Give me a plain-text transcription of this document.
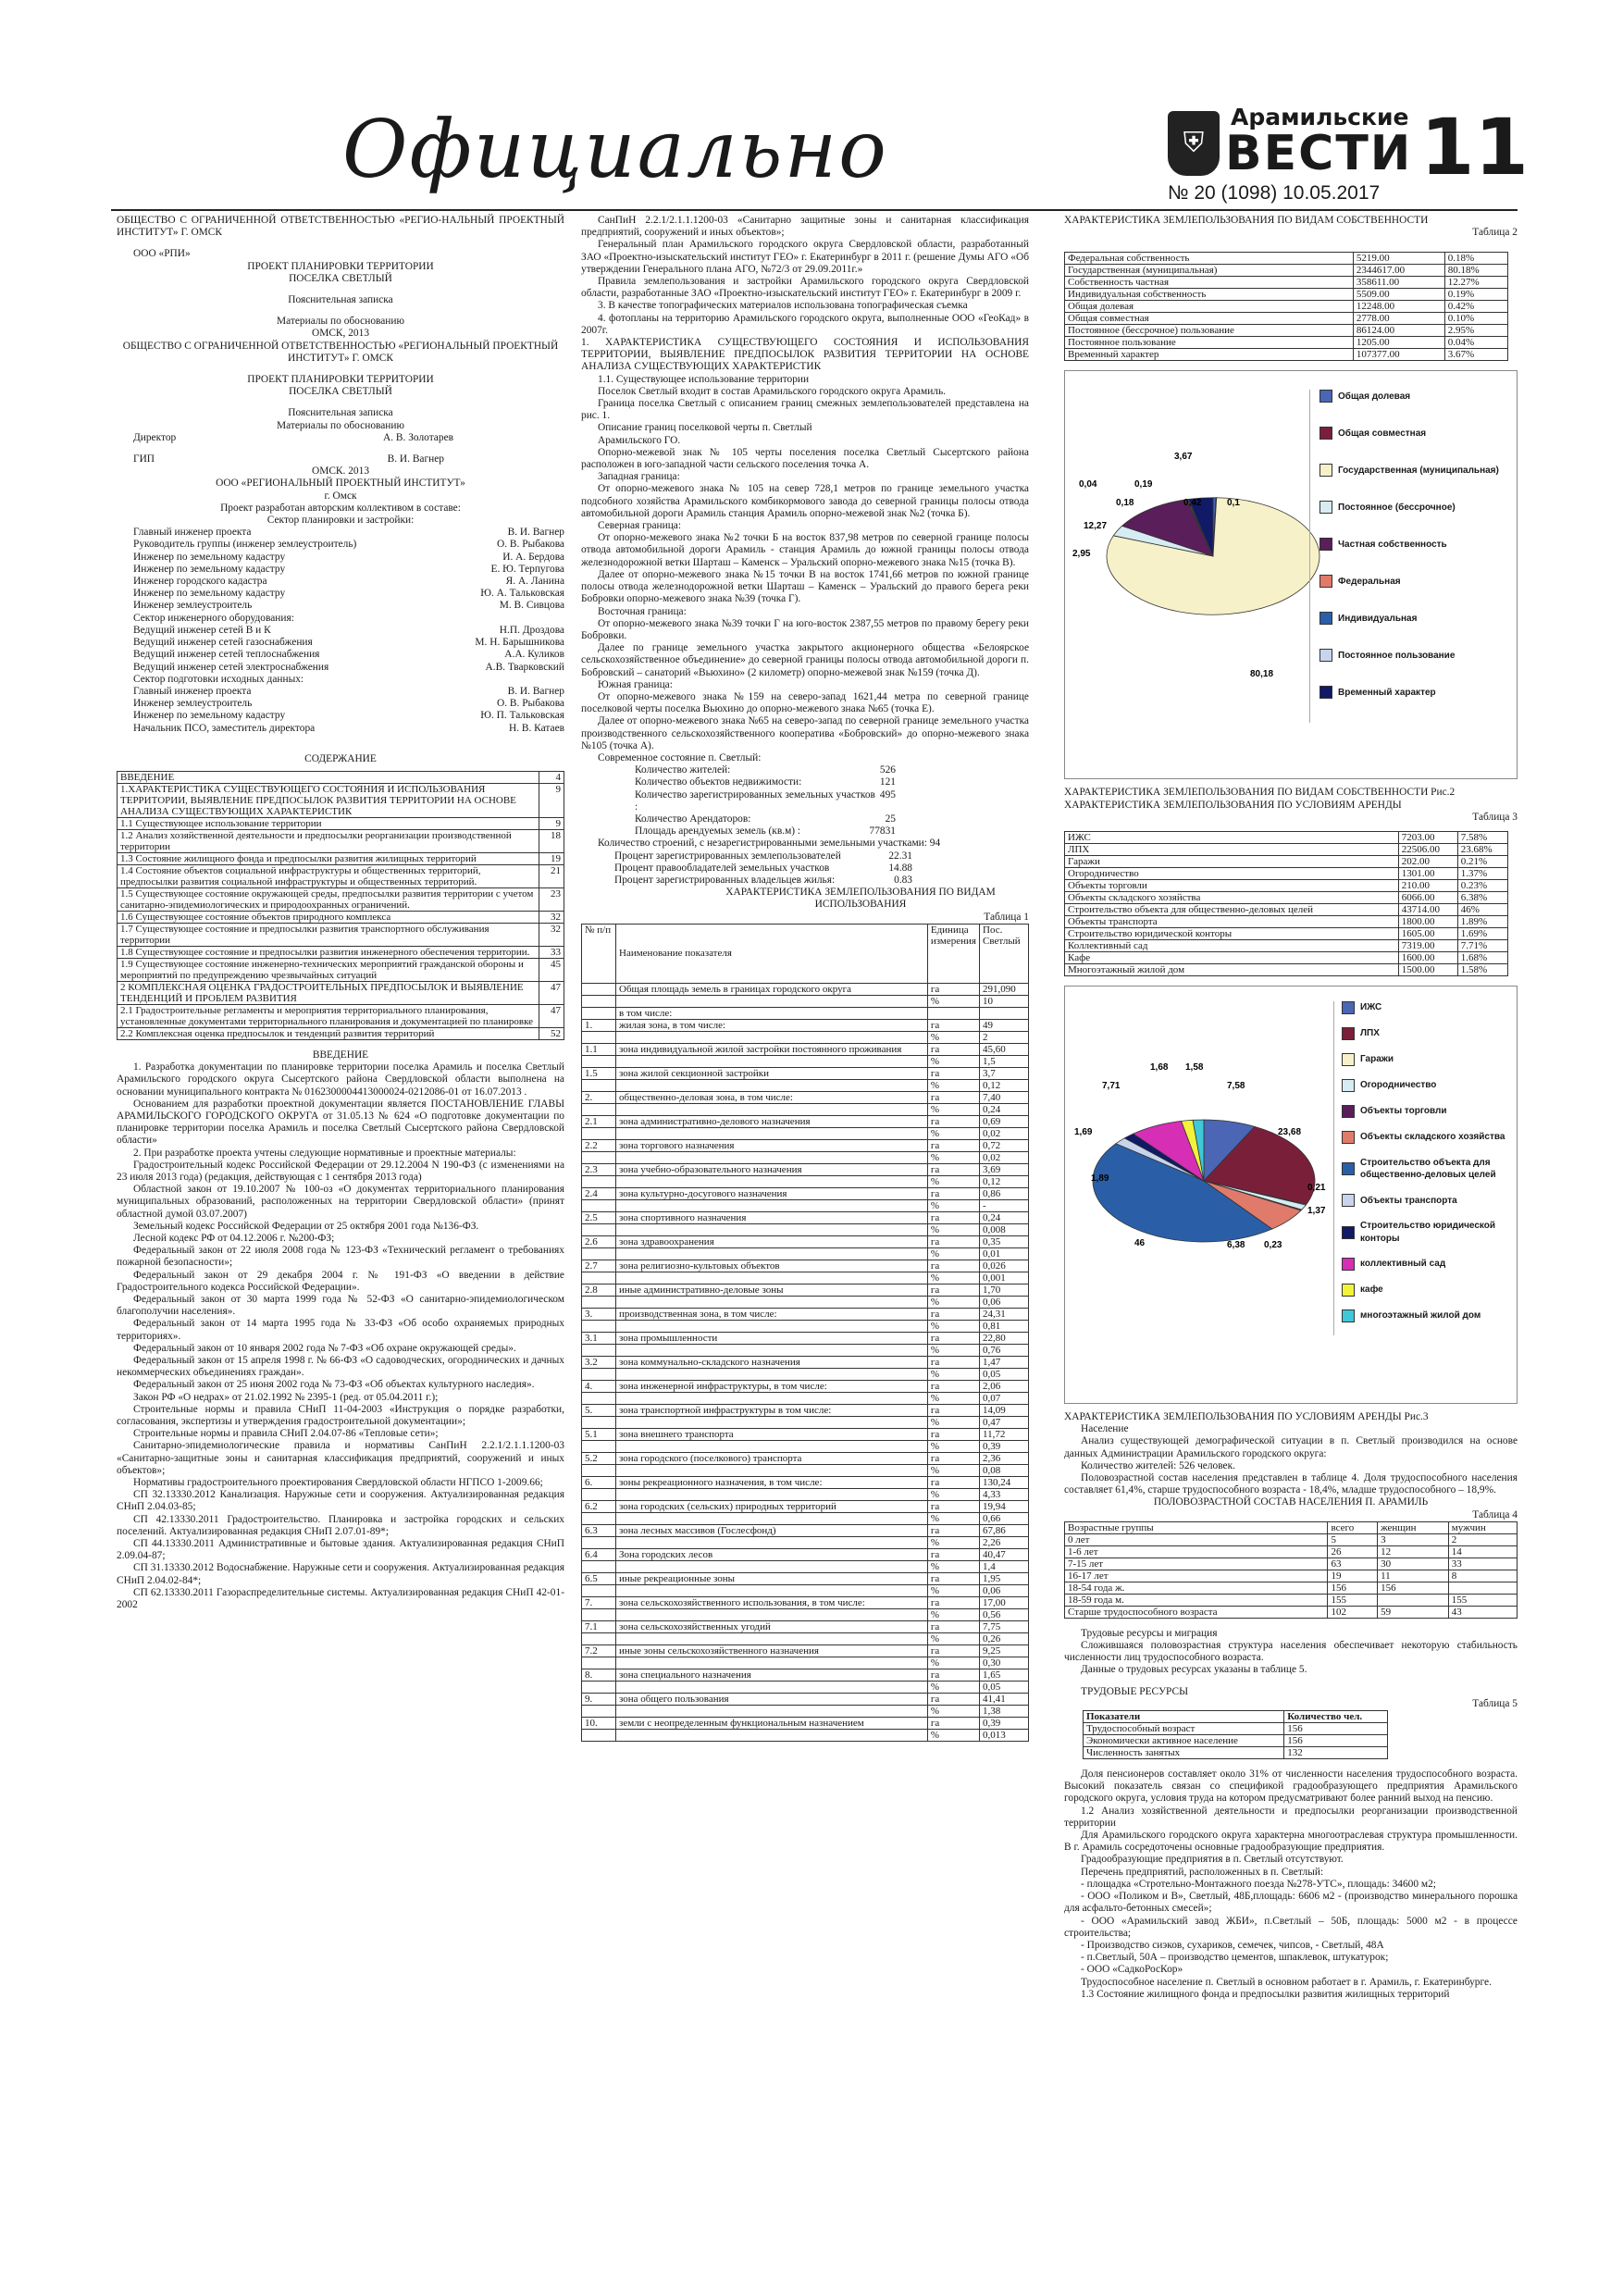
Официально	⛨
Арамильские
ВЕСТИ 11
№ 20 (1098) 10.05.2017

ОБЩЕСТВО С ОГРАНИЧЕННОЙ ОТВЕТСТВЕННОСТЬЮ «РЕГИО-НАЛЬНЫЙ ПРОЕКТНЫЙ ИНСТИТУТ» Г. ОМСК

ООО «РПИ»

ПРОЕКТ ПЛАНИРОВКИ ТЕРРИТОРИИ

ПОСЕЛКА СВЕТЛЫЙ

Пояснительная записка

Материалы по обоснованию

ОМСК, 2013

ОБЩЕСТВО С ОГРАНИЧЕННОЙ ОТВЕТСТВЕННОСТЬЮ «РЕГИОНАЛЬНЫЙ ПРОЕКТНЫЙ ИНСТИТУТ» Г. ОМСК

ПРОЕКТ ПЛАНИРОВКИ ТЕРРИТОРИИ

ПОСЕЛКА СВЕТЛЫЙ

Пояснительная записка

Материалы по обоснованию

Директор	А. В. Золотарев
ГИП	В. И. Вагнер

ОМСК. 2013

ООО «РЕГИОНАЛЬНЫЙ ПРОЕКТНЫЙ ИНСТИТУТ»

г. Омск

Проект разработан авторским коллективом в составе:

Сектор планировки и застройки:

Главный инженер проекта	В. И. Вагнер
Руководитель группы (инженер землеустроитель)	О. В. Рыбакова
Инженер по земельному кадастру	И. А. Бердова
Инженер по земельному кадастру	Е. Ю. Терпугова
Инженер городского кадастра	Я. А. Ланина
Инженер по земельному кадастру	Ю. А. Тальковская
Инженер землеустроитель	М. В. Сивцова

Сектор инженерного оборудования:

Ведущий инженер сетей В и К	Н.П. Дроздова
Ведущий инженер сетей газоснабжения	М. Н. Барышникова
Ведущий инженер сетей теплоснабжения	А.А. Куликов
Ведущий инженер сетей электроснабжения	А.В. Тварковский

Сектор подготовки исходных данных:

Главный инженер проекта	В. И. Вагнер
Инженер землеустроитель	О. В. Рыбакова
Инженер по земельному кадастру	Ю. П. Тальковская
Начальник ПСО, заместитель директора	Н. В. Катаев

СОДЕРЖАНИЕ

ВВЕДЕНИЕ	4
1.ХАРАКТЕРИСТИКА СУЩЕСТВУЮЩЕГО СОСТОЯНИЯ И ИСПОЛЬЗОВАНИЯ ТЕРРИТОРИИ, ВЫЯВЛЕНИЕ ПРЕДПОСЫЛОК РАЗВИТИЯ ТЕРРИТОРИИ НА ОСНОВЕ АНАЛИЗА СУЩЕСТВУЮЩИХ ХАРАКТЕРИСТИК	9
1.1 Существующее использование территории	9
1.2 Анализ хозяйственной деятельности и предпосылки реорганизации производственной территории	18
1.3 Состояние жилищного фонда и предпосылки развития жилищных территорий	19
1.4 Состояние объектов социальной инфраструктуры и общественных территорий, предпосылки развития социальной инфраструктуры и общественных территорий.	21
1.5 Существующее состояние окружающей среды, предпосылки развития территории с учетом санитарно-эпидемиологических и природоохранных ограничений.	23
1.6 Существующее состояние объектов природного комплекса	32
1.7 Существующее состояние и предпосылки развития транспортного обслуживания территории	32
1.8 Существующее состояние и предпосылки развития инженерного обеспечения территории.	33
1.9 Существующее состояние инженерно-технических мероприятий гражданской обороны и мероприятий по предупреждению чрезвычайных ситуаций	45
2 КОМПЛЕКСНАЯ ОЦЕНКА ГРАДОСТРОИТЕЛЬНЫХ ПРЕДПОСЫЛОК И ВЫЯВЛЕНИЕ ТЕНДЕНЦИЙ И ПРОБЛЕМ РАЗВИТИЯ	47
2.1 Градостроительные регламенты и мероприятия территориального планирования, установленные документами территориального планирования и документацией по планировке	47
2.2 Комплексная оценка предпосылок и тенденций развития территорий	52

ВВЕДЕНИЕ

1. Разработка документации по планировке территории поселка Арамиль и поселка Светлый Арамильского городского округа Сысертского района Свердловской области выполнена на основании муниципального контракта № 0162300004413000024-0212086-01 от 16.07.2013 .

Основанием для разработки проектной документации является ПОСТАНОВЛЕНИЕ ГЛАВЫ АРАМИЛЬСКОГО ГОРОДСКОГО ОКРУГА от 31.05.13 № 624 «О подготовке документации по планировке территории поселка Арамиль и поселка Светлый Сысертского района Свердловской области»

2. При разработке проекта учтены следующие нормативные и проектные материалы:

Градостроительный кодекс Российской Федерации от 29.12.2004 N 190-ФЗ (с изменениями на 23 июля 2013 года) (редакция, действующая с 1 сентября 2013 года)

Областной закон от 19.10.2007 № 100-оз «О документах территориального планирования муниципальных образований, расположенных на территории Свердловской области» (принят областной думой 03.07.2007)

Земельный кодекс Российской Федерации от 25 октября 2001 года №136-ФЗ.

Лесной кодекс РФ от 04.12.2006 г. №200-ФЗ;

Федеральный закон от 22 июля 2008 года № 123-ФЗ «Технический регламент о требованиях пожарной безопасности»;

Федеральный закон от 29 декабря 2004 г. № 191-ФЗ «О введении в действие Градостроительного кодекса Российской Федерации».

Федеральный закон от 30 марта 1999 года № 52-ФЗ «О санитарно-эпидемиологическом благополучии населения».

Федеральный закон от 14 марта 1995 года № 33-ФЗ «Об особо охраняемых природных территориях».

Федеральный закон от 10 января 2002 года № 7-ФЗ «Об охране окружающей среды».

Федеральный закон от 15 апреля 1998 г. № 66-ФЗ «О садоводческих, огороднических и дачных некоммерческих объединениях граждан».

Федеральный закон от 25 июня 2002 года № 73-ФЗ «Об объектах культурного наследия».

Закон РФ «О недрах» от 21.02.1992 № 2395-1 (ред. от 05.04.2011 г.);

Строительные нормы и правила СНиП 11-04-2003 «Инструкция о порядке разработки, согласования, экспертизы и утверждения градостроительной документации»;

Строительные нормы и правила СНиП 2.04.07-86 «Тепловые сети»;

Санитарно-эпидемиологические правила и нормативы СанПиН 2.2.1/2.1.1.1200-03 «Санитарно-защитные зоны и санитарная классификация предприятий, сооружений и иных объектов»;

Нормативы градостроительного проектирования Свердловской области НГПСО 1-2009.66;

СП 32.13330.2012 Канализация. Наружные сети и сооружения. Актуализированная редакция СНиП 2.04.03-85;

СП 42.13330.2011 Градостроительство. Планировка и застройка городских и сельских поселений. Актуализированная редакция СНиП 2.07.01-89*;

СП 44.13330.2011 Административные и бытовые здания. Актуализированная редакция СНиП 2.09.04-87;

СП 31.13330.2012 Водоснабжение. Наружные сети и сооружения. Актуализированная редакция СНиП 2.04.02-84*;

СП 62.13330.2011 Газораспределительные системы. Актуализированная редакция СНиП 42-01-2002

СанПиН 2.2.1/2.1.1.1200-03 «Санитарно защитные зоны и санитарная классификация предприятий, сооружений и иных объектов»;

Генеральный план Арамильского городского округа Свердловской области, разработанный ЗАО «Проектно-изыскательский институт ГЕО» г. Екатеринбург в 2011 г. (решение Думы АГО «Об утверждении Генерального плана АГО, №72/3 от 29.09.2011г.»

Правила землепользования и застройки Арамильского городского округа Свердловской области, разработанные ЗАО «Проектно-изыскательский институт ГЕО» г. Екатеринбург в 2009 г.

3. В качестве топографических материалов использована топографическая съемка

4. фотопланы на территорию Арамильского городского округа, выполненные ООО «ГеоКад» в 2007г.

1. ХАРАКТЕРИСТИКА СУЩЕСТВУЮЩЕГО СОСТОЯНИЯ И ИСПОЛЬЗОВАНИЯ ТЕРРИТОРИИ, ВЫЯВЛЕНИЕ ПРЕДПОСЫЛОК РАЗВИТИЯ ТЕРРИТОРИИ НА ОСНОВЕ АНАЛИЗА СУЩЕСТВУЮЩИХ ХАРАКТЕРИСТИК

1.1. Существующее использование территории

Поселок Светлый входит в состав Арамильского городского округа Арамиль.

Граница поселка Светлый с описанием границ смежных землепользователей представлена на рис. 1.

Описание границ поселковой черты п. Светлый

Арамильского ГО.

Опорно-межевой знак № 105 черты поселения поселка Светлый Сысертского района расположен в юго-западной части сельского поселения точка А.

Западная граница:

От опорно-межевого знака № 105 на север 728,1 метров по границе земельного участка подсобного хозяйства Арамильского комбикормового завода до северной границы полосы отвода автомобильной дороги Арамиль станция Арамиль опорно-межевой знак №2 (точка Б).

Северная граница:

От опорно-межевого знака №2 точки Б на восток 837,98 метров по северной границе полосы отвода автомобильной дороги Арамиль - станция Арамиль до южной границы полосы отвода железнодорожной ветки Шарташ – Каменск – Уральский опорно-межевого знака №15 (точка В).

Далее от опорно-межевого знака №15 точки В на восток 1741,66 метров по южной границе полосы отвода железнодорожной ветки Шарташ – Каменск – Уральский до правого берега реки Бобровки опорно-межевого знака №39 (точка Г).

Восточная граница:

От опорно-межевого знака №39 точки Г на юго-восток 2387,55 метров по правому берегу реки Бобровки.

Далее по границе земельного участка закрытого акционерного общества «Белоярское сельскохозяйственное объединение» до северной границы полосы отвода автомобильной дороги п. Бобровский – санаторий «Вьюхино» (2 километр) опорно-межевой знак №159 (точка Д).

Южная граница:

От опорно-межевого знака №159 на северо-запад 1621,44 метра по северной границе поселковой черты поселка Вьюхино до опорно-межевого знака №65 (точка Е).

Далее от опорно-межевого знака №65 на северо-запад по северной границе земельного участка производственного сельскохозяйственного кооператива «Бобровский» до опорно-межевого знака №105 (точка А).

Современное состояние п. Светлый:

Количество жителей:	526
Количество объектов недвижимости:	121
Количество зарегистрированных земельных участков :
495
Количество Арендаторов:	25
Площадь арендуемых земель (кв.м) :	77831

Количество строений, с незарегистрированными земельными участками: 94

Процент зарегистрированных землепользователей	22.31
Процент правообладателей земельных участков	14.88
Процент зарегистрированных владельцев жилья:	0.83

ХАРАКТЕРИСТИКА ЗЕМЛЕПОЛЬЗОВАНИЯ ПО ВИДАМ ИСПОЛЬЗОВАНИЯ

Таблица 1

№ п/п	Наименование показателя	Единица измерения	Пос. Светлый
	Общая площадь земель в границах городского округа	га	291,090
		%	10
	в том числе:		
1.	жилая зона, в том числе:	га	49
		%	2
1.1	зона индивидуальной жилой застройки постоянного проживания	га	45,60
		%	1,5
1.5	зона жилой секционной застройки	га	3,7
		%	0,12
2.	общественно-деловая зона, в том числе:	га	7,40
		%	0,24
2.1	зона административно-делового назначения	га	0,69
		%	0,02
2.2	зона торгового назначения	га	0,72
		%	0,02
2.3	зона учебно-образовательного назначения	га	3,69
		%	0,12
2.4	зона культурно-досугового назначения	га	0,86
		%	-
2.5	зона спортивного назначения	га	0,24
		%	0,008
2.6	зона здравоохранения	га	0,35
		%	0,01
2.7	зона религиозно-культовых объектов	га	0,026
		%	0,001
2.8	иные административно-деловые зоны	га	1,70
		%	0,06
3.	производственная зона, в том числе:	га	24,31
		%	0,81
3.1	зона промышленности	га	22,80
		%	0,76
3.2	зона коммунально-складского назначения	га	1,47
		%	0,05
4.	зона инженерной инфраструктуры, в том числе:	га	2,06
		%	0,07
5.	зона транспортной инфраструктуры в том числе:	га	14,09
		%	0,47
5.1	зона внешнего транспорта	га	11,72
		%	0,39
5.2	зона городского (поселкового) транспорта	га	2,36
		%	0,08
6.	зоны рекреационного назначения, в том числе:	га	130,24
		%	4,33
6.2	зона городских (сельских) природных территорий	га	19,94
		%	0,66
6.3	зона лесных массивов (Гослесфонд)	га	67,86
		%	2,26
6.4	Зона городских лесов	га	40,47
		%	1,4
6.5	иные рекреационные зоны	га	1,95
		%	0,06
7.	зона сельскохозяйственного использования, в том числе:	га	17,00
		%	0,56
7.1	зона сельскохозяйственных угодий	га	7,75
		%	0,26
7.2	иные зоны сельскохозяйственного назначения	га	9,25
		%	0,30
8.	зона специального назначения	га	1,65
		%	0,05
9.	зона общего пользования	га	41,41
		%	1,38
10.	земли с неопределенным функциональным назначением	га	0,39
		%	0,013

ХАРАКТЕРИСТИКА ЗЕМЛЕПОЛЬЗОВАНИЯ ПО ВИДАМ СОБСТВЕННОСТИ

Таблица 2

Федеральная собственность	5219.00	0.18%
Государственная (муниципальная)	2344617.00	80.18%
Собственность частная	358611.00	12.27%
Индивидуальная собственность	5509.00	0.19%
Общая долевая	12248.00	0.42%
Общая совместная	2778.00	0.10%
Постоянное (бессрочное) пользование	86124.00	2.95%
Постоянное пользование	1205.00	0.04%
Временный характер	107377.00	3.67%
3,67
0,04	0,19
0,18	0,42	0,1
12,27
2,95
80,18
Общая долевая
Общая совместная
Государственная (муниципальная)
Постоянное (бессрочное)
Частная собственность
Федеральная
Индивидуальная
Постоянное пользование
Временный характер

ХАРАКТЕРИСТИКА ЗЕМЛЕПОЛЬЗОВАНИЯ ПО ВИДАМ СОБСТВЕННОСТИ Рис.2

ХАРАКТЕРИСТИКА ЗЕМЛЕПОЛЬЗОВАНИЯ ПО УСЛОВИЯМ АРЕНДЫ

Таблица 3

ИЖС	7203.00	7.58%
ЛПХ	22506.00	23.68%
Гаражи	202.00	0.21%
Огородничество	1301.00	1.37%
Объекты торговли	210.00	0.23%
Объекты складского хозяйства	6066.00	6.38%
Строительство объекта для общественно-деловых целей	43714.00	46%
Объекты транспорта	1800.00	1.89%
Строительство юридической конторы	1605.00	1.69%
Коллективный сад	7319.00	7.71%
Кафе	1600.00	1.68%
Многоэтажный жилой дом	1500.00	1.58%
1,68 1,58
7,71	7,58
1,69	23,68
1,89
0,21
1,37
46	6,38 0,23
ИЖС
ЛПХ
Гаражи
Огородничество
Объекты торговли
Объекты складского хозяйства
Строительство объекта для общественно-деловых целей
Объекты транспорта
Строительство юридической конторы
коллективный сад
кафе
многоэтажный жилой дом

ХАРАКТЕРИСТИКА ЗЕМЛЕПОЛЬЗОВАНИЯ ПО УСЛОВИЯМ АРЕНДЫ Рис.3

Население

Анализ существующей демографической ситуации в п. Светлый производился на основе данных Администрации Арамильского городского округа:

Количество жителей: 526 человек.

Половозрастной состав населения представлен в таблице 4. Доля трудоспособного населения составляет 61,4%, старше трудоспособного возраста - 18,4%, младше трудоспособного – 18,9%.

ПОЛОВОЗРАСТНОЙ СОСТАВ НАСЕЛЕНИЯ П. АРАМИЛЬ

Таблица 4

Возрастные группы	всего	женщин	мужчин
0 лет	5	3	2
1-6 лет	26	12	14
7-15 лет	63	30	33
16-17 лет	19	11	8
18-54 года ж.	156	156	
18-59 года м.	155		155
Старше трудоспособного возраста	102	59	43

Трудовые ресурсы и миграция

Сложившаяся половозрастная структура населения обеспечивает некоторую стабильность численности лиц трудоспособного возраста.

Данные о трудовых ресурсах указаны в таблице 5.

ТРУДОВЫЕ РЕСУРСЫ

Таблица 5

Показатели	Количество чел.
Трудоспособный возраст	156
Экономически активное население	156
Численность занятых	132

Доля пенсионеров составляет около 31% от численности населения трудоспособного возраста. Высокий показатель связан со спецификой градообразующего предприятия Арамильского городского округа, условия труда на котором предусматривают более ранний выход на пенсию.

1.2 Анализ хозяйственной деятельности и предпосылки реорганизации производственной территории

Для Арамильского городского округа характерна многоотраслевая структура промышленности. В г. Арамиль сосредоточены основные градообразующие предприятия.

Градообразующие предприятия в п. Светлый отсутствуют.

Перечень предприятий, расположенных в п. Светлый:

- площадка «Стротельно-Монтажного поезда №278-УТС», площадь: 34600 м2;

- ООО «Поликом и В», Светлый, 48Б,площадь: 6606 м2 - (производство минерального порошка для асфальто-бетонных смесей»;

- ООО «Арамильский завод ЖБИ», п.Светлый – 50Б, площадь: 5000 м2 - в процессе строительства;

- Производство сиэков, сухариков, семечек, чипсов, - Светлый, 48А

- п.Светлый, 50А – производство цементов, шпаклевок, штукатурок;

- ООО «СадкоРосКор»

Трудоспособное население п. Светлый в основном работает в г. Арамиль, г. Екатеринбурге.

1.3 Состояние жилищного фонда и предпосылки развития жилищных территорий
